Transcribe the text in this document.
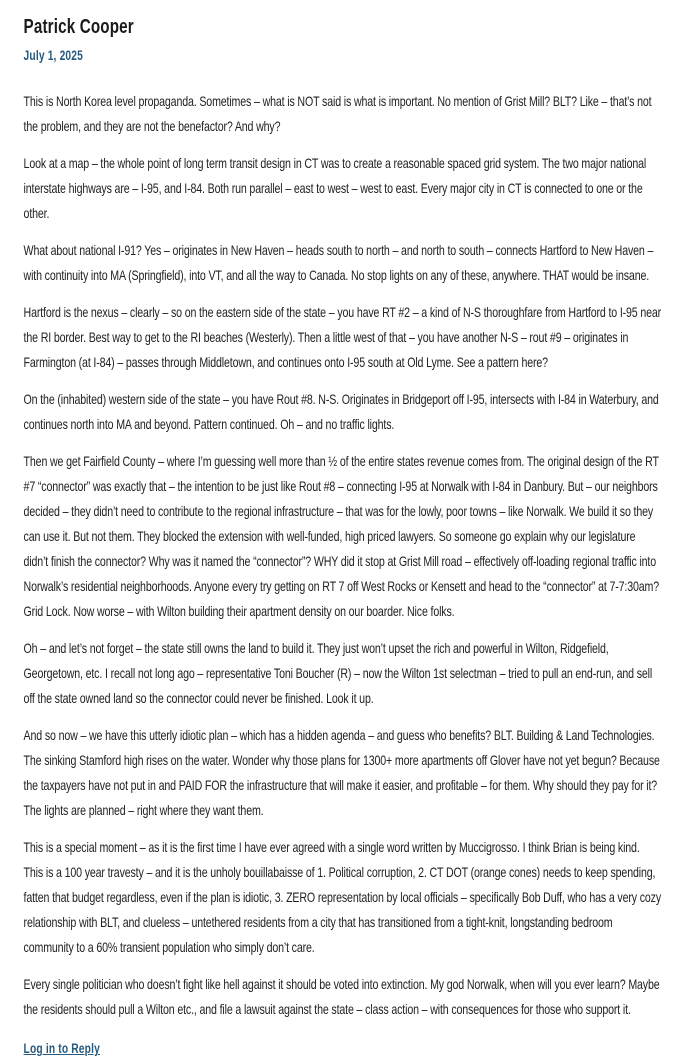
Patrick Cooper
July 1, 2025

This is North Korea level propaganda. Sometimes – what is NOT said is what is important. No mention of Grist Mill? BLT? Like – that’s not the problem, and they are not the benefactor? And why?

Look at a map – the whole point of long term transit design in CT was to create a reasonable spaced grid system. The two major national interstate highways are – I-95, and I-84. Both run parallel – east to west – west to east. Every major city in CT is connected to one or the other.

What about national I-91? Yes – originates in New Haven – heads south to north – and north to south – connects Hartford to New Haven – with continuity into MA (Springfield), into VT, and all the way to Canada. No stop lights on any of these, anywhere. THAT would be insane.

Hartford is the nexus – clearly – so on the eastern side of the state – you have RT #2 – a kind of N-S thoroughfare from Hartford to I-95 near the RI border. Best way to get to the RI beaches (Westerly). Then a little west of that – you have another N-S – rout #9 – originates in Farmington (at I-84) – passes through Middletown, and continues onto I-95 south at Old Lyme. See a pattern here?

On the (inhabited) western side of the state – you have Rout #8. N-S. Originates in Bridgeport off I-95, intersects with I-84 in Waterbury, and continues north into MA and beyond. Pattern continued. Oh – and no traffic lights.

Then we get Fairfield County – where I’m guessing well more than ½ of the entire states revenue comes from. The original design of the RT #7 “connector” was exactly that – the intention to be just like Rout #8 – connecting I-95 at Norwalk with I-84 in Danbury. But – our neighbors decided – they didn’t need to contribute to the regional infrastructure – that was for the lowly, poor towns – like Norwalk. We build it so they can use it. But not them. They blocked the extension with well-funded, high priced lawyers. So someone go explain why our legislature didn’t finish the connector? Why was it named the “connector”? WHY did it stop at Grist Mill road – effectively off-loading regional traffic into Norwalk’s residential neighborhoods. Anyone every try getting on RT 7 off West Rocks or Kensett and head to the “connector” at 7-7:30am? Grid Lock. Now worse – with Wilton building their apartment density on our boarder. Nice folks.

Oh – and let’s not forget – the state still owns the land to build it. They just won’t upset the rich and powerful in Wilton, Ridgefield, Georgetown, etc. I recall not long ago – representative Toni Boucher (R) – now the Wilton 1st selectman – tried to pull an end-run, and sell off the state owned land so the connector could never be finished. Look it up.

And so now – we have this utterly idiotic plan – which has a hidden agenda – and guess who benefits? BLT. Building & Land Technologies. The sinking Stamford high rises on the water. Wonder why those plans for 1300+ more apartments off Glover have not yet begun? Because the taxpayers have not put in and PAID FOR the infrastructure that will make it easier, and profitable – for them. Why should they pay for it? The lights are planned – right where they want them.

This is a special moment – as it is the first time I have ever agreed with a single word written by Muccigrosso. I think Brian is being kind. This is a 100 year travesty – and it is the unholy bouillabaisse of 1. Political corruption, 2. CT DOT (orange cones) needs to keep spending, fatten that budget regardless, even if the plan is idiotic, 3. ZERO representation by local officials – specifically Bob Duff, who has a very cozy relationship with BLT, and clueless – untethered residents from a city that has transitioned from a tight-knit, longstanding bedroom community to a 60% transient population who simply don’t care.

Every single politician who doesn’t fight like hell against it should be voted into extinction. My god Norwalk, when will you ever learn? Maybe the residents should pull a Wilton etc., and file a lawsuit against the state – class action – with consequences for those who support it.

Log in to Reply
